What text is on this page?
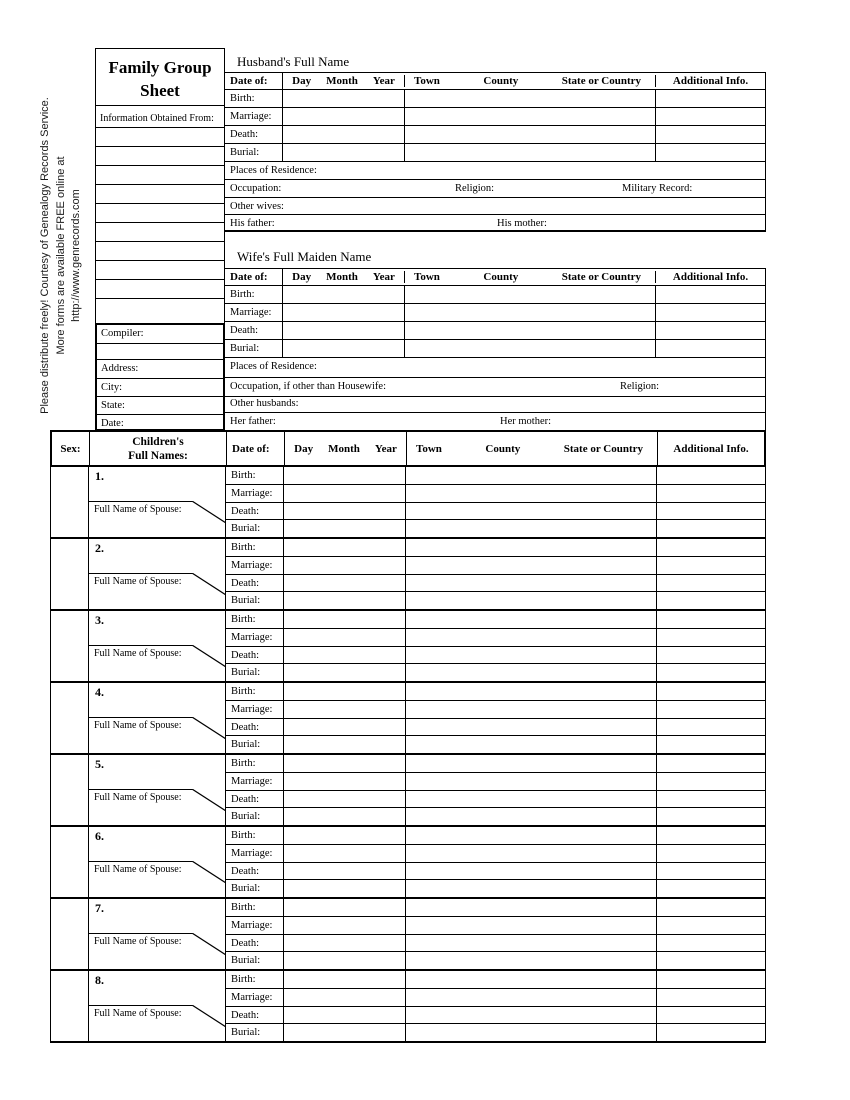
Please distribute freely! Courtesy of Genealogy Records Service. More forms are available FREE online at http://www.genrecords.com
Family Group
Sheet
Information Obtained From:
Compiler:
Address:
City:
State:
Date:
Husband's Full Name
Date of:	Day Month Year Town	County	State or Country	Additional Info.
Birth:
Marriage:
Death:
Burial:
Places of Residence:
Occupation:	Religion:	Military Record:
Other wives:
His father:	His mother:
Wife's Full Maiden Name
Date of:	Day Month Year Town	County	State or Country	Additional Info.
Birth:
Marriage:
Death:
Burial:
Places of Residence:
Occupation, if other than Housewife:	Religion:
Other husbands:
Her father:	Her mother:
Sex:
Children's
Full Names:
Date of:	Day Month Year Town	County	State or Country	Additional Info.
1.
Full Name of Spouse:
Birth:
Marriage:
Death:
Burial:
2.
Full Name of Spouse:
Birth:
Marriage:
Death:
Burial:
3.
Full Name of Spouse:
Birth:
Marriage:
Death:
Burial:
4.
Full Name of Spouse:
Birth:
Marriage:
Death:
Burial:
5.
Full Name of Spouse:
Birth:
Marriage:
Death:
Burial:
6.
Full Name of Spouse:
Birth:
Marriage:
Death:
Burial:
7.
Full Name of Spouse:
Birth:
Marriage:
Death:
Burial:
8.
Full Name of Spouse:
Birth:
Marriage:
Death:
Burial:
